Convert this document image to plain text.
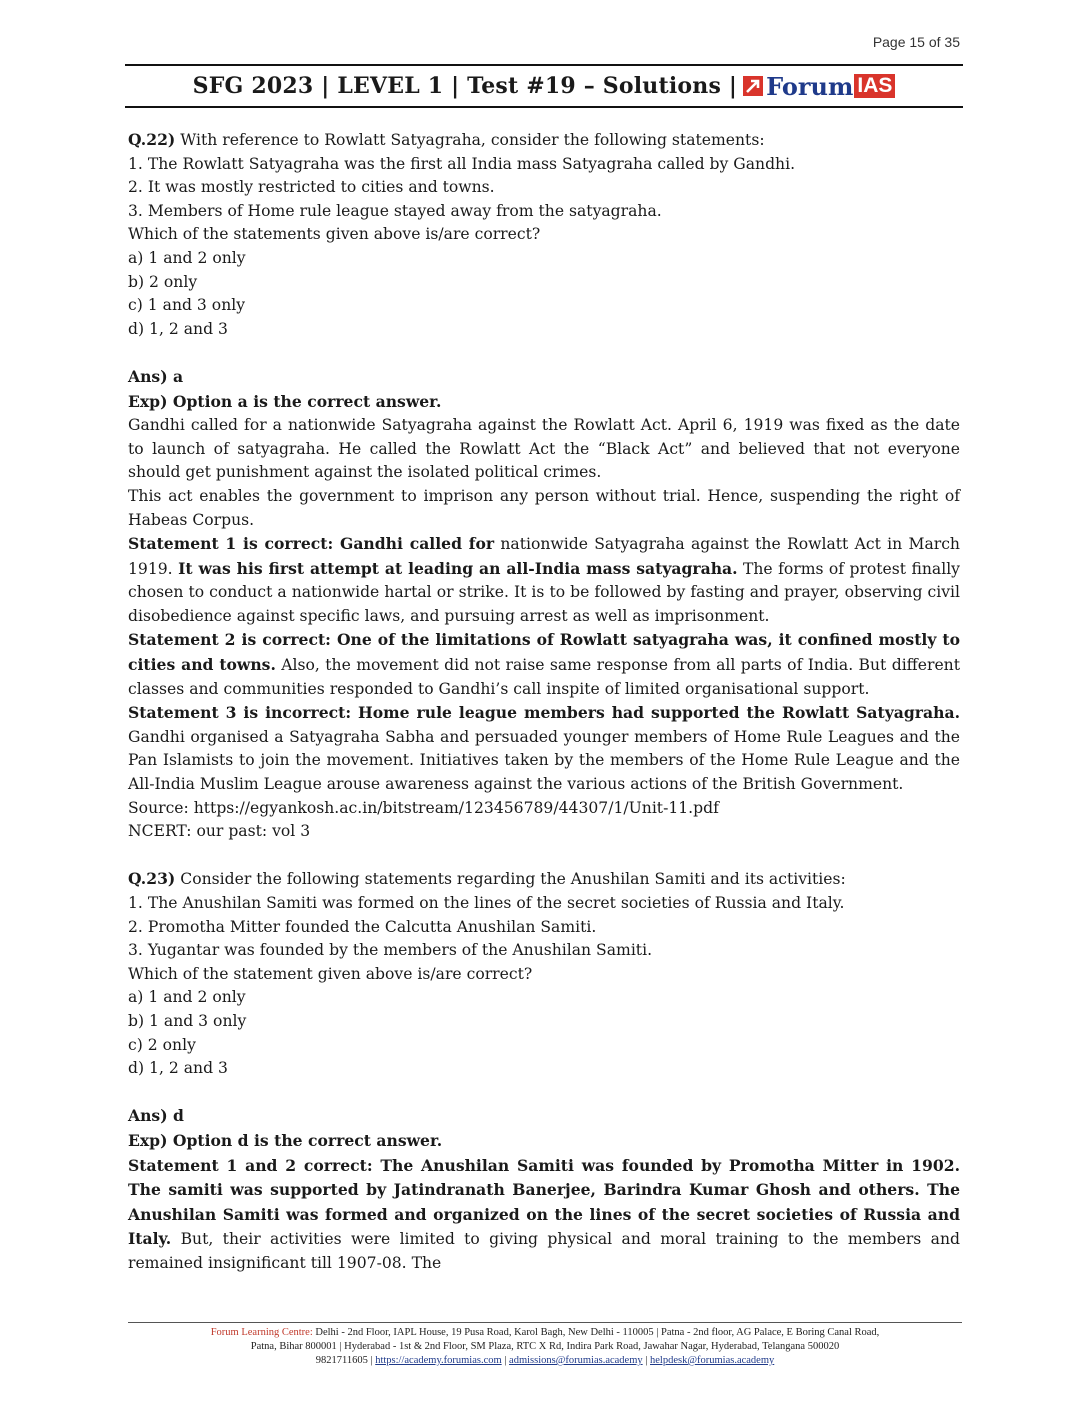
Page 15 of 35
SFG 2023 | LEVEL 1 | Test #19 – Solutions | Forum IAS

Q.22) With reference to Rowlatt Satyagraha, consider the following statements:

1. The Rowlatt Satyagraha was the first all India mass Satyagraha called by Gandhi.

2. It was mostly restricted to cities and towns.

3. Members of Home rule league stayed away from the satyagraha.

Which of the statements given above is/are correct?

a) 1 and 2 only

b) 2 only

c) 1 and 3 only

d) 1, 2 and 3

Ans) a

Exp) Option a is the correct answer.

Gandhi called for a nationwide Satyagraha against the Rowlatt Act. April 6, 1919 was fixed as the date to launch of satyagraha. He called the Rowlatt Act the “Black Act” and believed that not everyone should get punishment against the isolated political crimes.

This act enables the government to imprison any person without trial. Hence, suspending the right of Habeas Corpus.

Statement 1 is correct: Gandhi called for nationwide Satyagraha against the Rowlatt Act in March 1919. It was his first attempt at leading an all-India mass satyagraha. The forms of protest finally chosen to conduct a nationwide hartal or strike. It is to be followed by fasting and prayer, observing civil disobedience against specific laws, and pursuing arrest as well as imprisonment.

Statement 2 is correct: One of the limitations of Rowlatt satyagraha was, it confined mostly to cities and towns. Also, the movement did not raise same response from all parts of India. But different classes and communities responded to Gandhi’s call inspite of limited organisational support.

Statement 3 is incorrect: Home rule league members had supported the Rowlatt Satyagraha. Gandhi organised a Satyagraha Sabha and persuaded younger members of Home Rule Leagues and the Pan Islamists to join the movement. Initiatives taken by the members of the Home Rule League and the All-India Muslim League arouse awareness against the various actions of the British Government.

Source: https://egyankosh.ac.in/bitstream/123456789/44307/1/Unit-11.pdf

NCERT: our past: vol 3

Q.23) Consider the following statements regarding the Anushilan Samiti and its activities:

1. The Anushilan Samiti was formed on the lines of the secret societies of Russia and Italy.

2. Promotha Mitter founded the Calcutta Anushilan Samiti.

3. Yugantar was founded by the members of the Anushilan Samiti.

Which of the statement given above is/are correct?

a) 1 and 2 only

b) 1 and 3 only

c) 2 only

d) 1, 2 and 3

Ans) d

Exp) Option d is the correct answer.

Statement 1 and 2 correct: The Anushilan Samiti was founded by Promotha Mitter in 1902. The samiti was supported by Jatindranath Banerjee, Barindra Kumar Ghosh and others. The Anushilan Samiti was formed and organized on the lines of the secret societies of Russia and Italy. But, their activities were limited to giving physical and moral training to the members and remained insignificant till 1907-08. The

Forum Learning Centre: Delhi - 2nd Floor, IAPL House, 19 Pusa Road, Karol Bagh, New Delhi - 110005 | Patna - 2nd floor, AG Palace, E Boring Canal Road,
Patna, Bihar 800001 | Hyderabad - 1st & 2nd Floor, SM Plaza, RTC X Rd, Indira Park Road, Jawahar Nagar, Hyderabad, Telangana 500020
9821711605 | https://academy.forumias.com | admissions@forumias.academy | helpdesk@forumias.academy
